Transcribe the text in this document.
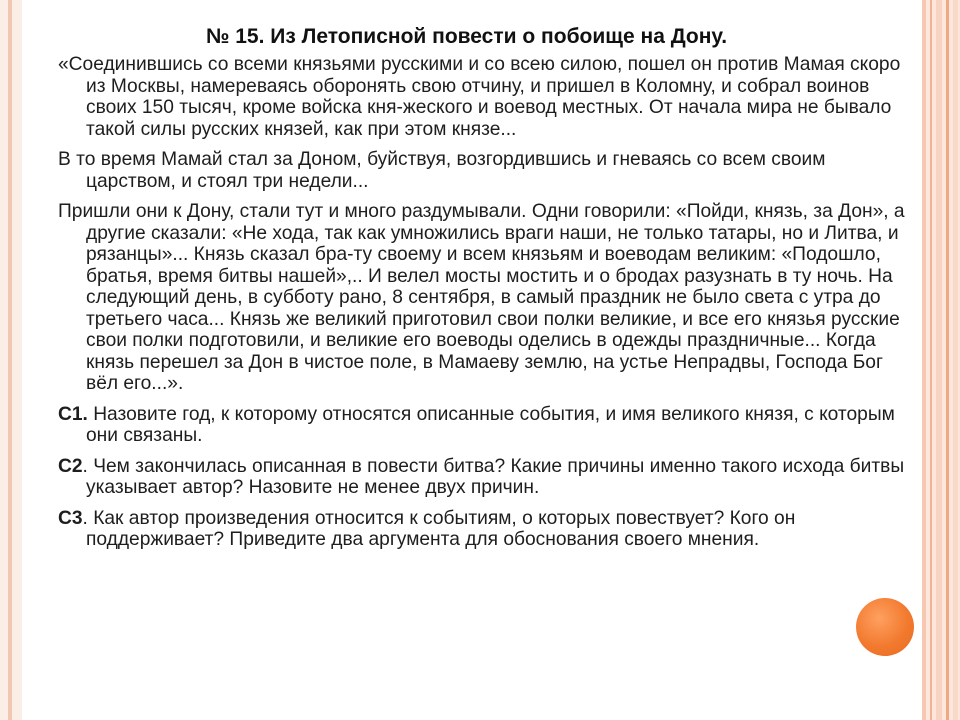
№ 15. Из Летописной повести о побоище на Дону.

«Соединившись со всеми князьями русскими и со всею силою, пошел он против Мамая скоро из Москвы, намереваясь оборонять свою отчину, и пришел в Коломну, и собрал воинов своих 150 тысяч, кроме войска кня-жеского и воевод местных. От начала мира не бывало такой силы русских князей, как при этом князе...

В то время Мамай стал за Доном, буйствуя, возгордившись и гневаясь со всем своим царством, и стоял три недели...

Пришли они к Дону, стали тут и много раздумывали. Одни говорили: «Пойди, князь, за Дон», а другие сказали: «Не хода, так как умножились враги наши, не только татары, но и Литва, и рязанцы»... Князь сказал бра-ту своему и всем князьям и воеводам великим: «Подошло, братья, время битвы нашей»,.. И велел мосты мостить и о бродах разузнать в ту ночь. На следующий день, в субботу рано, 8 сентября, в самый праздник не было света с утра до третьего часа... Князь же великий приготовил свои полки великие, и все его князья русские свои полки подготовили, и великие его воеводы оделись в одежды праздничные... Когда князь перешел за Дон в чистое поле, в Мамаеву землю, на устье Непрадвы, Господа Бог вёл его...».

С1. Назовите год, к которому относятся описанные события, и имя великого князя, с которым они связаны.

С2. Чем закончилась описанная в повести битва? Какие причины именно такого исхода битвы указывает автор? Назовите не менее двух причин.

С3. Как автор произведения относится к событиям, о которых повествует? Кого он поддерживает? Приведите два аргумента для обоснования своего мнения.
